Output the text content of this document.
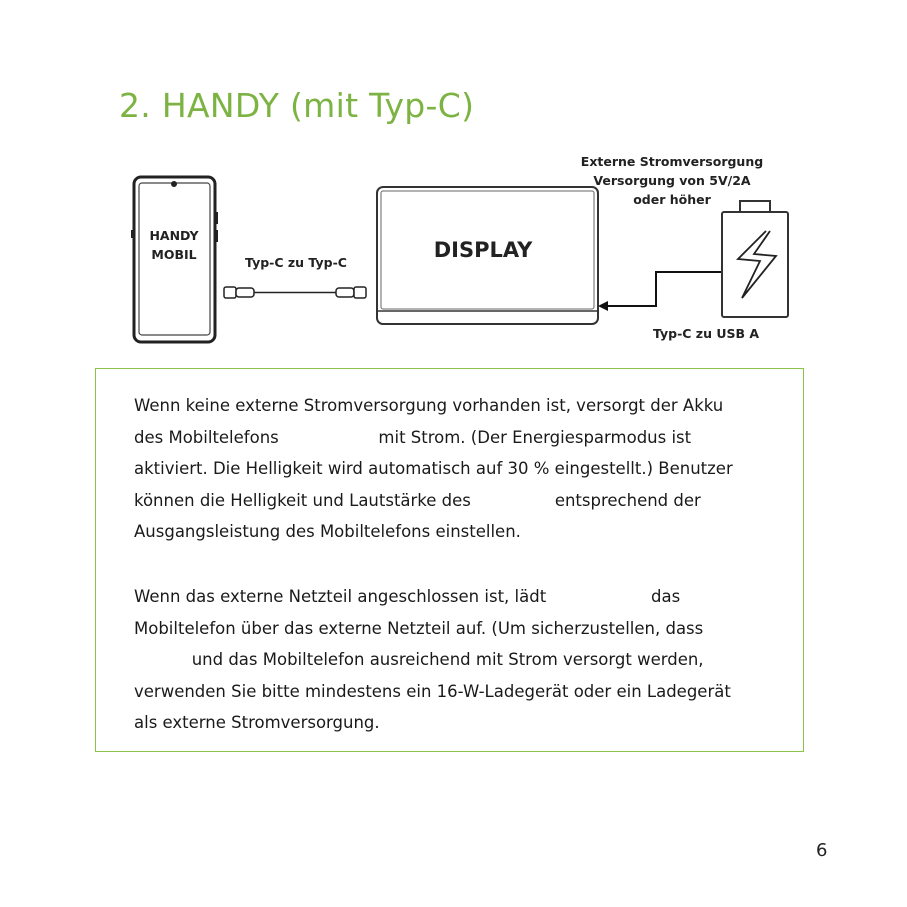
2. HANDY (mit Typ-C)
HANDY
MOBIL
Typ-C zu Typ-C
DISPLAY
Externe Stromversorgung
Versorgung von 5V/2A
oder höher
Typ-C zu USB A
Wenn keine externe Stromversorgung vorhanden ist, versorgt der Akku
des Mobiltelefons                   mit Strom. (Der Energiesparmodus ist
aktiviert. Die Helligkeit wird automatisch auf 30 % eingestellt.) Benutzer
können die Helligkeit und Lautstärke des                entsprechend der
Ausgangsleistung des Mobiltelefons einstellen.
Wenn das externe Netzteil angeschlossen ist, lädt                    das
Mobiltelefon über das externe Netzteil auf. (Um sicherzustellen, dass
und das Mobiltelefon ausreichend mit Strom versorgt werden,
verwenden Sie bitte mindestens ein 16-W-Ladegerät oder ein Ladegerät
als externe Stromversorgung.
6
